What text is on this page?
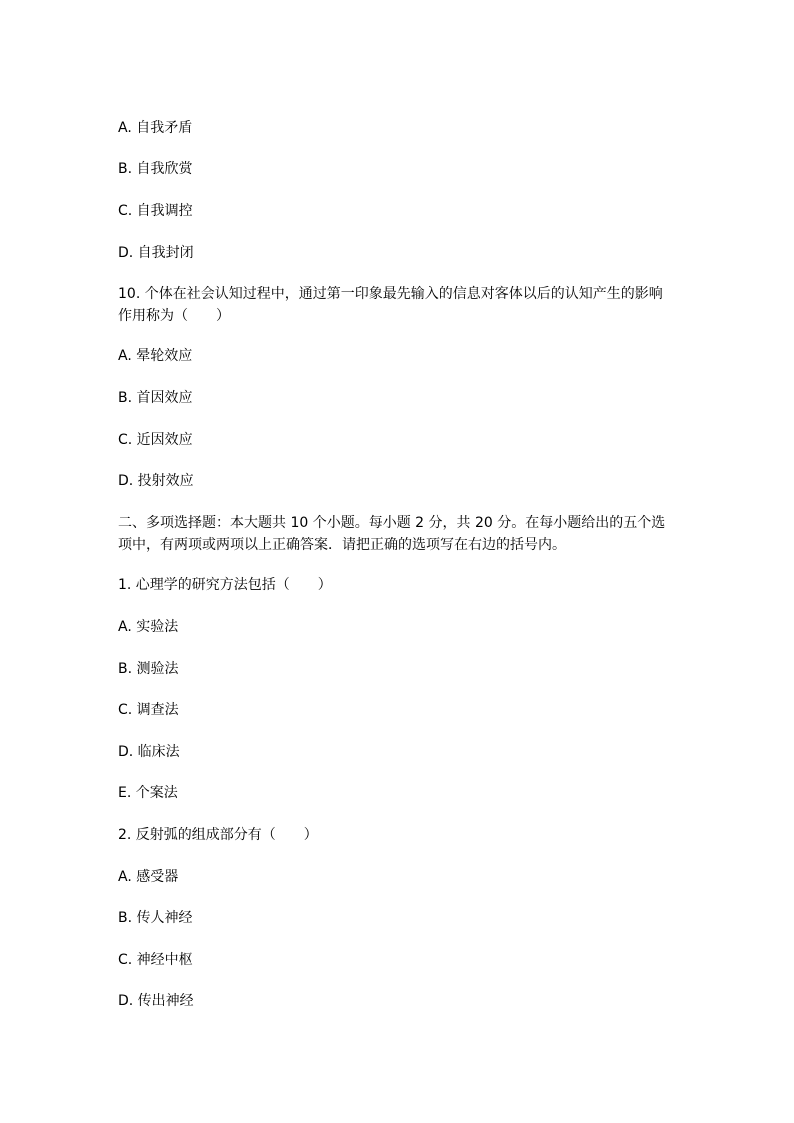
A. 自我矛盾
B. 自我欣赏
C. 自我调控
D. 自我封闭
10. 个体在社会认知过程中，通过第一印象最先输入的信息对客体以后的认知产生的影响作用称为（　　）
A. 晕轮效应
B. 首因效应
C. 近因效应
D. 投射效应
二、多项选择题：本大题共 10 个小题。每小题 2 分，共 20 分。在每小题给出的五个选项中，有两项或两项以上正确答案．请把正确的选项写在右边的括号内。
1. 心理学的研究方法包括（　　）
A. 实验法
B. 测验法
C. 调查法
D. 临床法
E. 个案法
2. 反射弧的组成部分有（　　）
A. 感受器
B. 传人神经
C. 神经中枢
D. 传出神经
